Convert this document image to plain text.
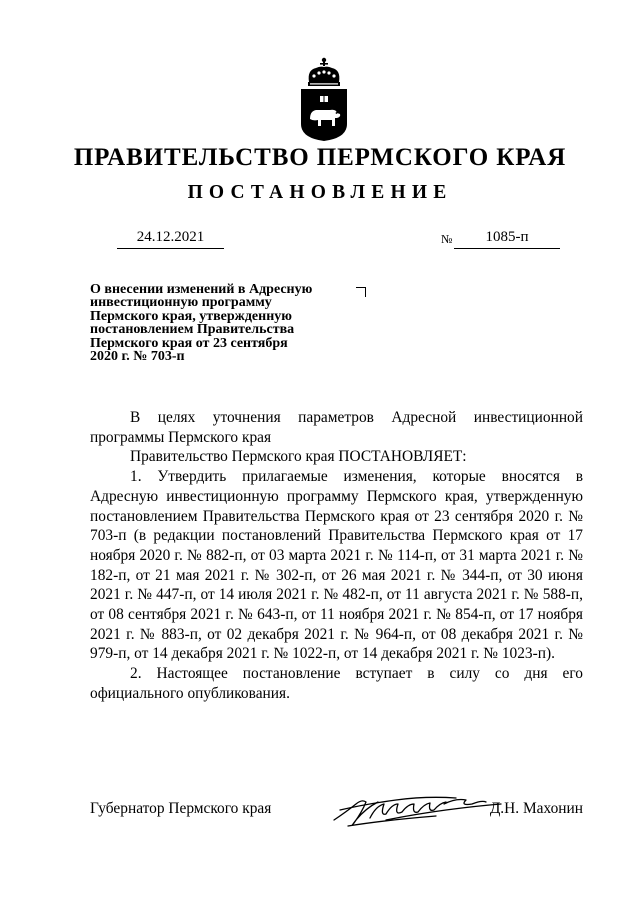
ПРАВИТЕЛЬСТВО ПЕРМСКОГО КРАЯ
ПОСТАНОВЛЕНИЕ
24.12.2021	№	1085-п
О внесении изменений в Адресную
инвестиционную программу
Пермского края, утвержденную
постановлением Правительства
Пермского края от 23 сентября
2020 г. № 703-п

В целях уточнения параметров Адресной инвестиционной программы Пермского края

Правительство Пермского края ПОСТАНОВЛЯЕТ:

1. Утвердить прилагаемые изменения, которые вносятся в Адресную инвестиционную программу Пермского края, утвержденную постановлением Правительства Пермского края от 23 сентября 2020 г. № 703-п (в редакции постановлений Правительства Пермского края от 17 ноября 2020 г. № 882-п, от 03 марта 2021 г. № 114-п, от 31 марта 2021 г. № 182-п, от 21 мая 2021 г. № 302-п, от 26 мая 2021 г. № 344-п, от 30 июня 2021 г. № 447-п, от 14 июля 2021 г. № 482-п, от 11 августа 2021 г. № 588-п, от 08 сентября 2021 г. № 643-п, от 11 ноября 2021 г. № 854-п, от 17 ноября 2021 г. № 883-п, от 02 декабря 2021 г. № 964-п, от 08 декабря 2021 г. № 979-п, от 14 декабря 2021 г. № 1022-п, от 14 декабря 2021 г. № 1023-п).

2. Настоящее постановление вступает в силу со дня его официального опубликования.

Губернатор Пермского края	Д.Н. Махонин
